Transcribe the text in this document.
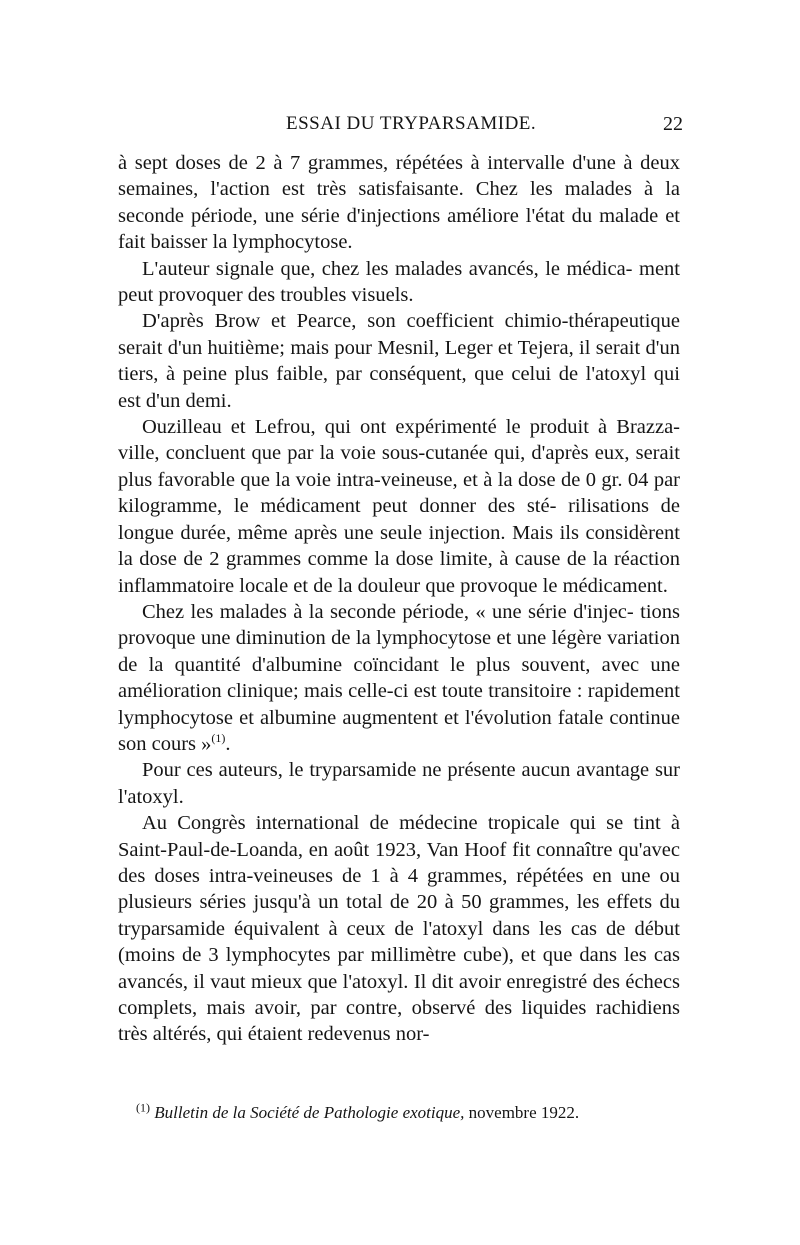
ESSAI DU TRYPARSAMIDE.	22

à sept doses de 2 à 7 grammes, répétées à intervalle d'une à deux semaines, l'action est très satisfaisante. Chez les malades à la seconde période, une série d'injections améliore l'état du malade et fait baisser la lymphocytose.

L'auteur signale que, chez les malades avancés, le médica- ment peut provoquer des troubles visuels.

D'après Brow et Pearce, son coefficient chimio-thérapeutique serait d'un huitième; mais pour Mesnil, Leger et Tejera, il serait d'un tiers, à peine plus faible, par conséquent, que celui de l'atoxyl qui est d'un demi.

Ouzilleau et Lefrou, qui ont expérimenté le produit à Brazza- ville, concluent que par la voie sous-cutanée qui, d'après eux, serait plus favorable que la voie intra-veineuse, et à la dose de 0 gr. 04 par kilogramme, le médicament peut donner des sté- rilisations de longue durée, même après une seule injection. Mais ils considèrent la dose de 2 grammes comme la dose limite, à cause de la réaction inflammatoire locale et de la douleur que provoque le médicament.

Chez les malades à la seconde période, « une série d'injec- tions provoque une diminution de la lymphocytose et une légère variation de la quantité d'albumine coïncidant le plus souvent, avec une amélioration clinique; mais celle-ci est toute transitoire : rapidement lymphocytose et albumine augmentent et l'évolution fatale continue son cours »$^{(1)}$.

Pour ces auteurs, le tryparsamide ne présente aucun avantage sur l'atoxyl.

Au Congrès international de médecine tropicale qui se tint à Saint-Paul-de-Loanda, en août 1923, Van Hoof fit connaître qu'avec des doses intra-veineuses de 1 à 4 grammes, répétées en une ou plusieurs séries jusqu'à un total de 20 à 50 grammes, les effets du tryparsamide équivalent à ceux de l'atoxyl dans les cas de début (moins de 3 lymphocytes par millimètre cube), et que dans les cas avancés, il vaut mieux que l'atoxyl. Il dit avoir enregistré des échecs complets, mais avoir, par contre, observé des liquides rachidiens très altérés, qui étaient redevenus nor-

$^{(1)}$ Bulletin de la Société de Pathologie exotique, novembre 1922.
